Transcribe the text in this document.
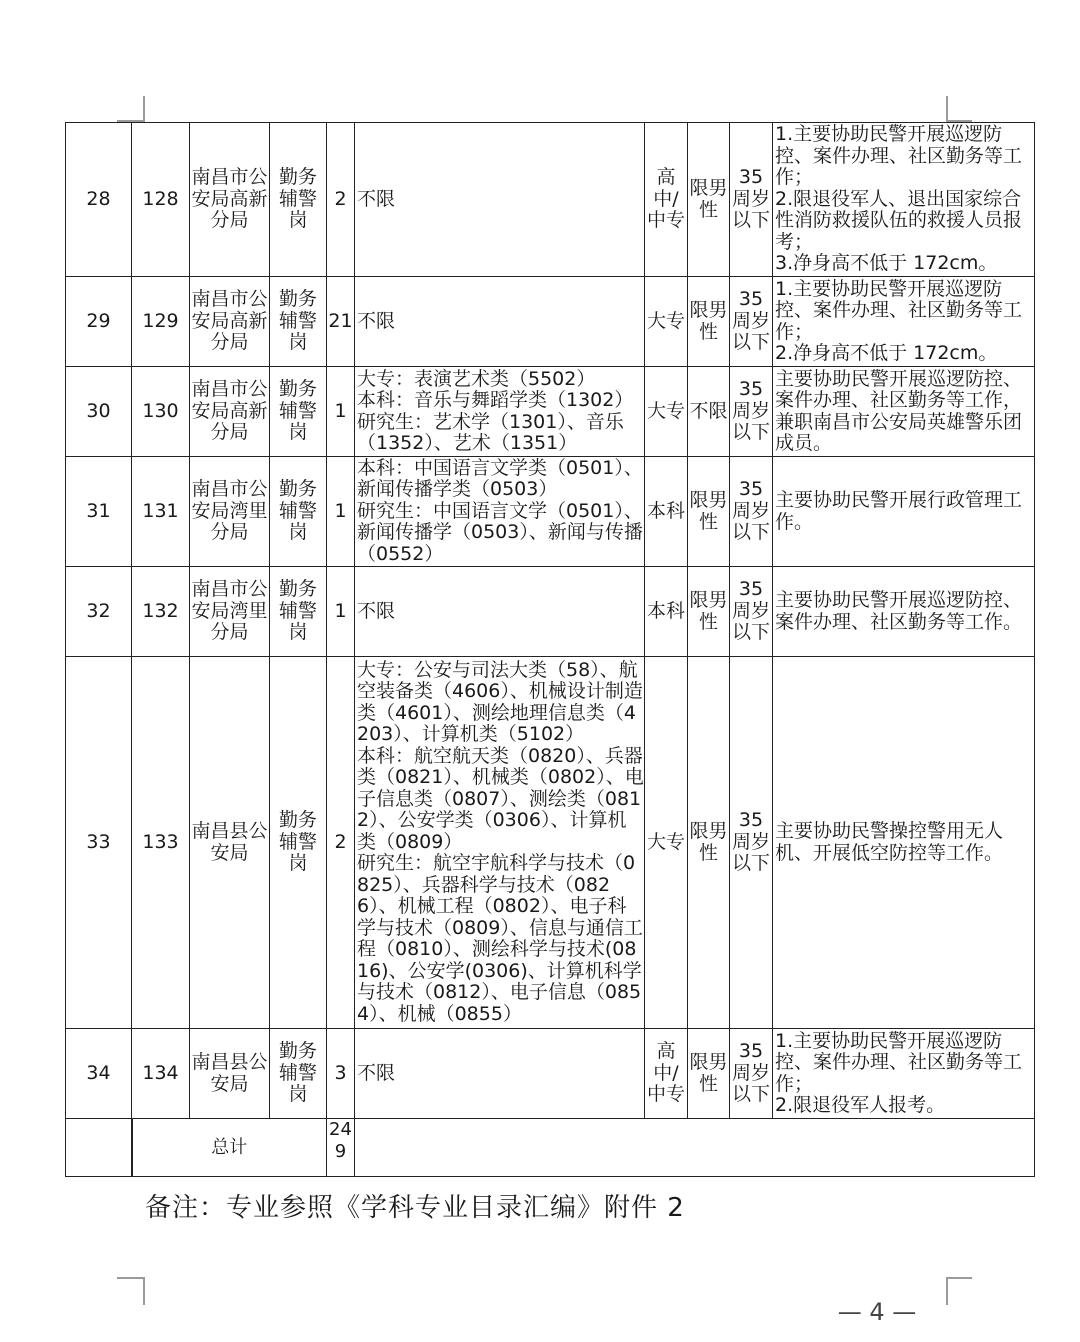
28	128	南昌市公安局高新分局	勤务辅警岗	2	不限	高中/中专	限男性	35周岁以下	1.主要协助民警开展巡逻防控、案件办理、社区勤务等工作；
2.限退役军人、退出国家综合性消防救援队伍的救援人员报考；
3.净身高不低于 172cm。
29	129	南昌市公安局高新分局	勤务辅警岗	21	不限	大专	限男性	35周岁以下	1.主要协助民警开展巡逻防控、案件办理、社区勤务等工作；
2.净身高不低于 172cm。
30	130	南昌市公安局高新分局	勤务辅警岗	1	大专：表演艺术类（5502）
本科：音乐与舞蹈学类（1302）
研究生：艺术学（1301）、音乐（1352）、艺术（1351）	大专	不限	35周岁以下	主要协助民警开展巡逻防控、案件办理、社区勤务等工作，兼职南昌市公安局英雄警乐团成员。
31	131	南昌市公安局湾里分局	勤务辅警岗	1	本科：中国语言文学类（0501）、新闻传播学类（0503）
研究生：中国语言文学（0501）、新闻传播学（0503）、新闻与传播（0552）	本科	限男性	35周岁以下	主要协助民警开展行政管理工作。
32	132	南昌市公安局湾里分局	勤务辅警岗	1	不限	本科	限男性	35周岁以下	主要协助民警开展巡逻防控、案件办理、社区勤务等工作。
33	133	南昌县公安局	勤务辅警岗	2	大专：公安与司法大类（58）、航空装备类（4606）、机械设计制造类（4601）、测绘地理信息类（4203）、计算机类（5102）
本科：航空航天类（0820）、兵器类（0821）、机械类（0802）、电子信息类（0807）、测绘类（0812）、公安学类（0306）、计算机类（0809）
研究生：航空宇航科学与技术（0825）、兵器科学与技术（0826）、机械工程（0802）、电子科学与技术（0809）、信息与通信工程（0810）、测绘科学与技术(0816)、公安学(0306)、计算机科学与技术（0812）、电子信息（0854）、机械（0855）	大专	限男性	35周岁以下	主要协助民警操控警用无人机、开展低空防控等工作。
34	134	南昌县公安局	勤务辅警岗	3	不限	高中/中专	限男性	35周岁以下	1.主要协助民警开展巡逻防控、案件办理、社区勤务等工作；
2.限退役军人报考。
	总计			249					
备注：专业参照《学科专业目录汇编》附件 2
— 4 —
